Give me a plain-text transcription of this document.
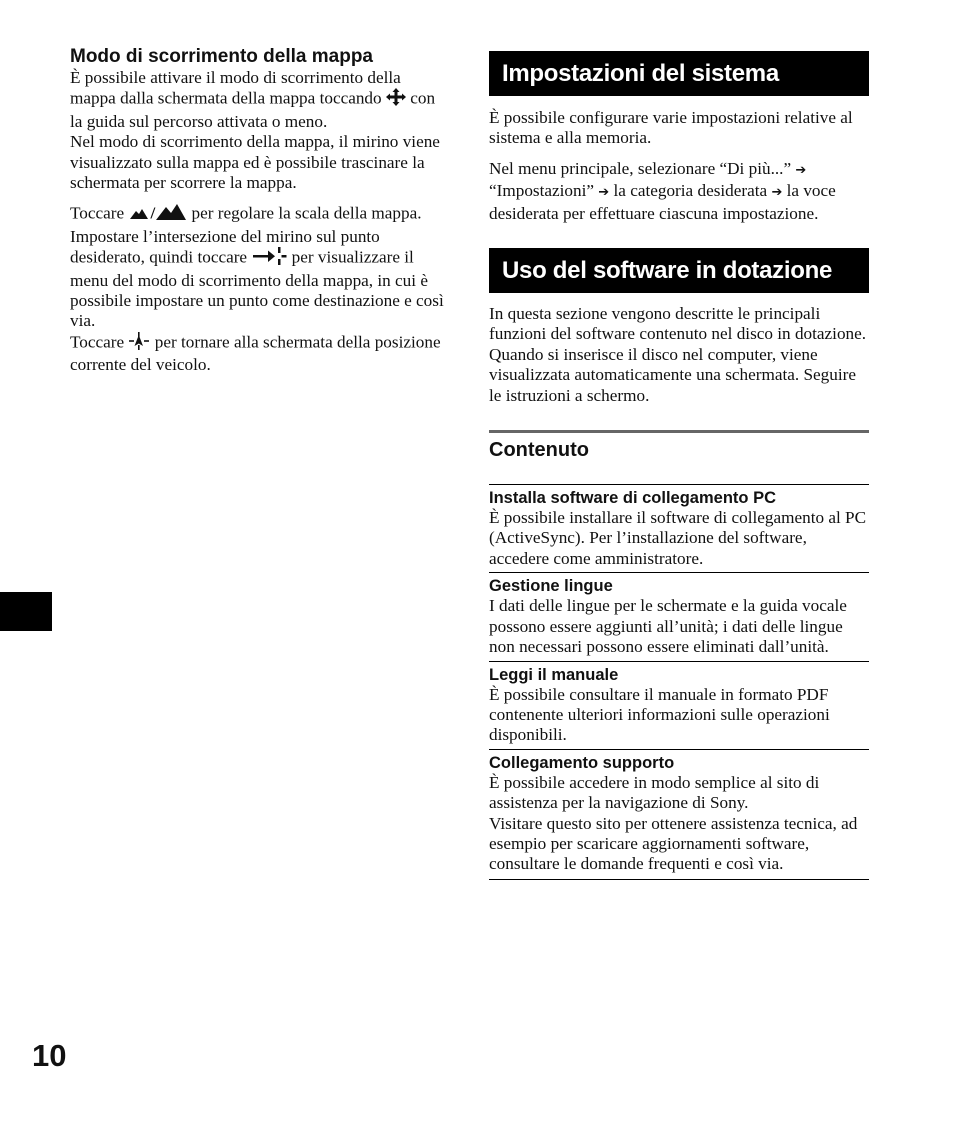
Modo di scorrimento della mappa

È possibile attivare il modo di scorrimento della mappa dalla schermata della mappa toccando con la guida sul percorso attivata o meno.

Nel modo di scorrimento della mappa, il mirino viene visualizzato sulla mappa ed è possibile trascinare la schermata per scorrere la mappa.

Toccare / per regolare la scala della mappa.

Impostare l’intersezione del mirino sul punto desiderato, quindi toccare	per visualizzare il menu del modo di scorrimento della mappa, in cui è possibile impostare un punto come destinazione e così via.

Toccare per tornare alla schermata della posizione corrente del veicolo.

Impostazioni del sistema

È possibile configurare varie impostazioni relative al sistema e alla memoria.

Nel menu principale, selezionare “Di più...” ➔ “Impostazioni” ➔ la categoria desiderata ➔ la voce desiderata per effettuare ciascuna impostazione.

Uso del software in dotazione

In questa sezione vengono descritte le principali funzioni del software contenuto nel disco in dotazione.

Quando si inserisce il disco nel computer, viene visualizzata automaticamente una schermata. Seguire le istruzioni a schermo.

Contenuto

Installa software di collegamento PC

È possibile installare il software di collegamento al PC (ActiveSync). Per l’installazione del software, accedere come amministratore.

Gestione lingue

I dati delle lingue per le schermate e la guida vocale possono essere aggiunti all’unità; i dati delle lingue non necessari possono essere eliminati dall’unità.

Leggi il manuale

È possibile consultare il manuale in formato PDF contenente ulteriori informazioni sulle operazioni disponibili.

Collegamento supporto

È possibile accedere in modo semplice al sito di assistenza per la navigazione di Sony.

Visitare questo sito per ottenere assistenza tecnica, ad esempio per scaricare aggiornamenti software, consultare le domande frequenti e così via.

10
